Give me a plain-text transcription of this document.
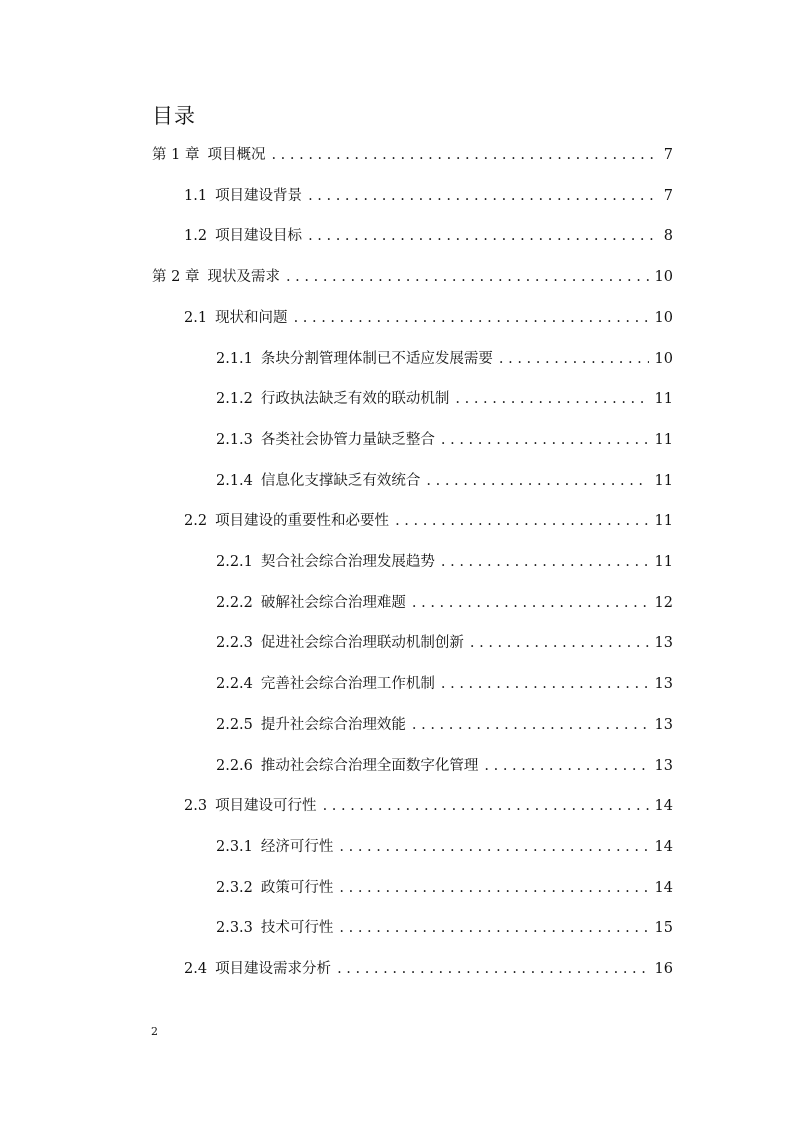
目录
第 1 章 项目概况 . . .	7
1.1 项目建设背景 . . .	7
1.2 项目建设目标 . . .	8
第 2 章 现状及需求 . . .	10
2.1 现状和问题 . . .	10
2.1.1 条块分割管理体制已不适应发展需要 . . .	10
2.1.2 行政执法缺乏有效的联动机制 . . .	11
2.1.3 各类社会协管力量缺乏整合 . . .	11
2.1.4 信息化支撑缺乏有效统合 . . .	11
2.2 项目建设的重要性和必要性 . . .	11
2.2.1 契合社会综合治理发展趋势 . . .	11
2.2.2 破解社会综合治理难题 . . .	12
2.2.3 促进社会综合治理联动机制创新 . . .	13
2.2.4 完善社会综合治理工作机制 . . .	13
2.2.5 提升社会综合治理效能 . . .	13
2.2.6 推动社会综合治理全面数字化管理 . . .	13
2.3 项目建设可行性 . . .	14
2.3.1 经济可行性 . . .	14
2.3.2 政策可行性 . . .	14
2.3.3 技术可行性 . . .	15
2.4 项目建设需求分析 . . .	16
2
